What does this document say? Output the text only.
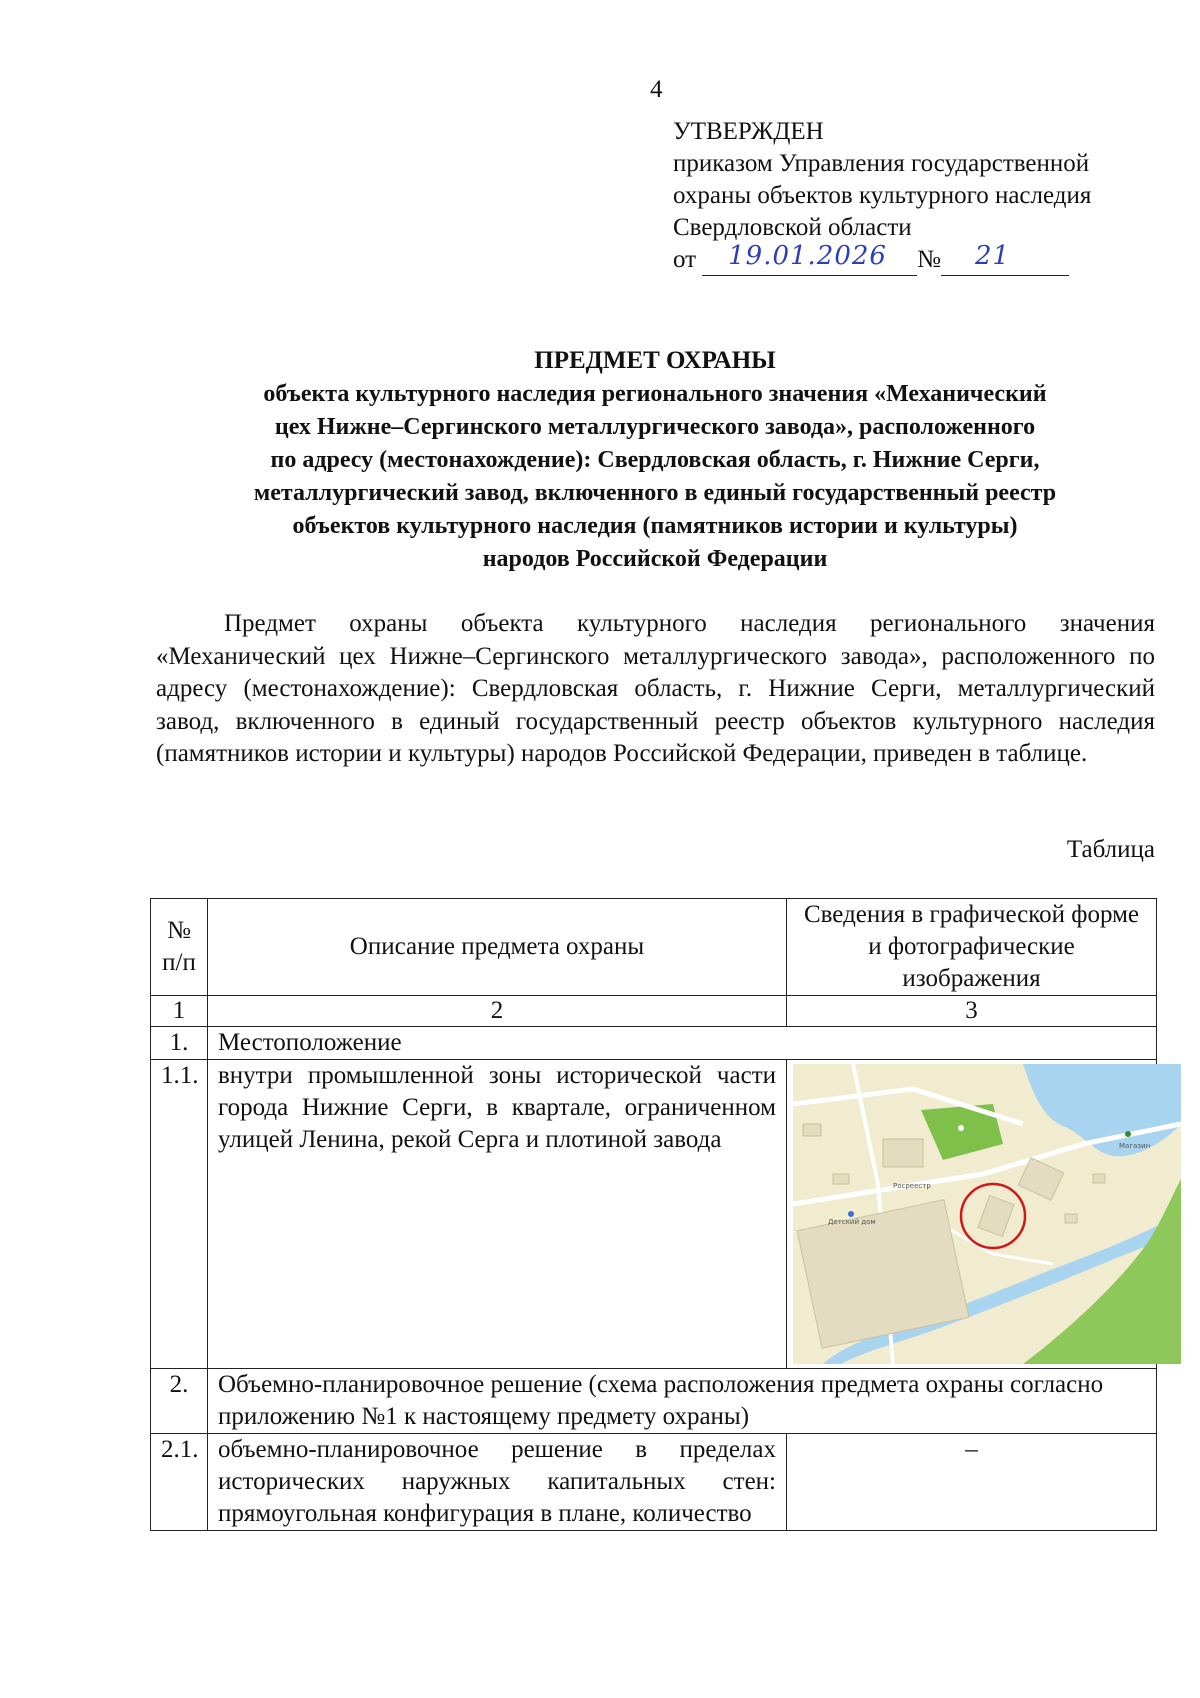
4
УТВЕРЖДЕН
приказом Управления государственной
охраны объектов культурного наследия
Свердловской области
от 19.01.2026 № 21
ПРЕДМЕТ ОХРАНЫ
объекта культурного наследия регионального значения «Механический
цех Нижне–Сергинского металлургического завода», расположенного
по адресу (местонахождение): Свердловская область, г. Нижние Серги,
металлургический завод, включенного в единый государственный реестр
объектов культурного наследия (памятников истории и культуры)
народов Российской Федерации
Предмет охраны объекта культурного наследия регионального значения «Механический цех Нижне–Сергинского металлургического завода», расположенного по адресу (местонахождение): Свердловская область, г. Нижние Серги, металлургический завод, включенного в единый государственный реестр объектов культурного наследия (памятников истории и культуры) народов Российской Федерации, приведен в таблице.
Таблица
№
п/п	Описание предмета охраны	Сведения в графической форме и фотографические изображения
1	2	3
1.	Местоположение	
1.1.	внутри промышленной зоны исторической части города Нижние Серги, в квартале, ограниченном улицей Ленина, рекой Серга и плотиной завода	Магазин
Росреестр
Детский дом

2.	Объемно-планировочное решение (схема расположения предмета охраны согласно приложению №1 к настоящему предмету охраны)	
2.1.	объемно-планировочное решение в пределах исторических наружных капитальных стен: прямоугольная конфигурация в плане, количество	–
